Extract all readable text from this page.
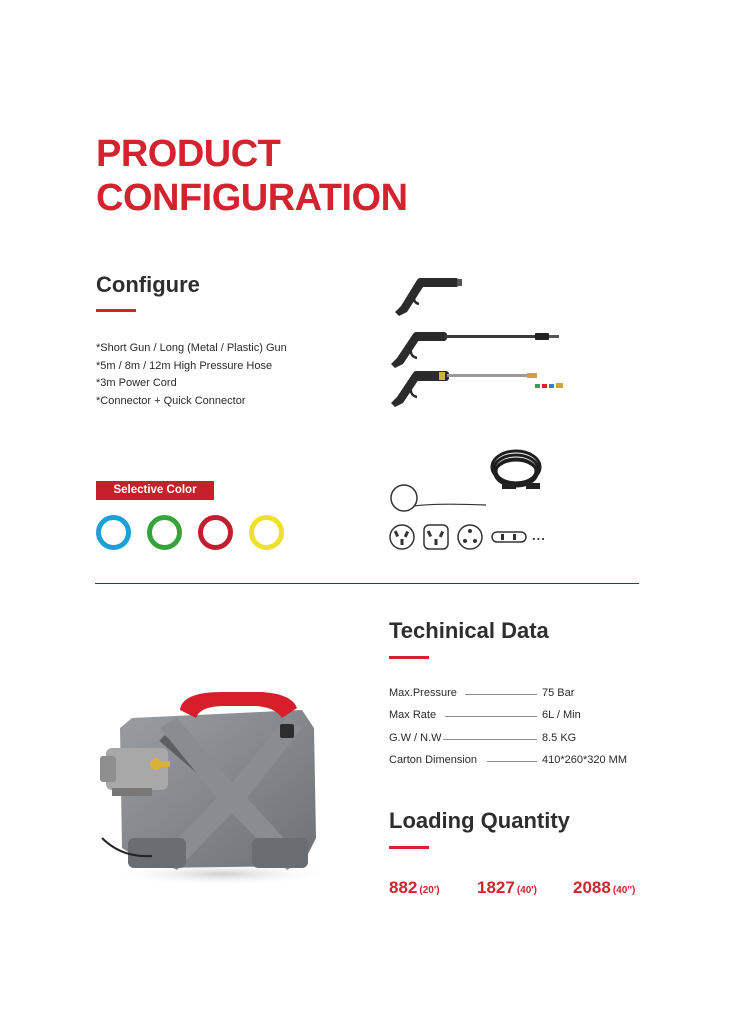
PRODUCT
CONFIGURATION
Configure
*Short Gun / Long (Metal / Plastic) Gun
*5m / 8m / 12m High Pressure Hose
*3m Power Cord
*Connector + Quick Connector
Selective Color
...
Techinical Data
Max.Pressure	75 Bar
Max Rate	6L / Min
G.W / N.W	8.5 KG
Carton Dimension	410*260*320 MM
Loading Quantity
882 (20') 1827 (40') 2088 (40'')
